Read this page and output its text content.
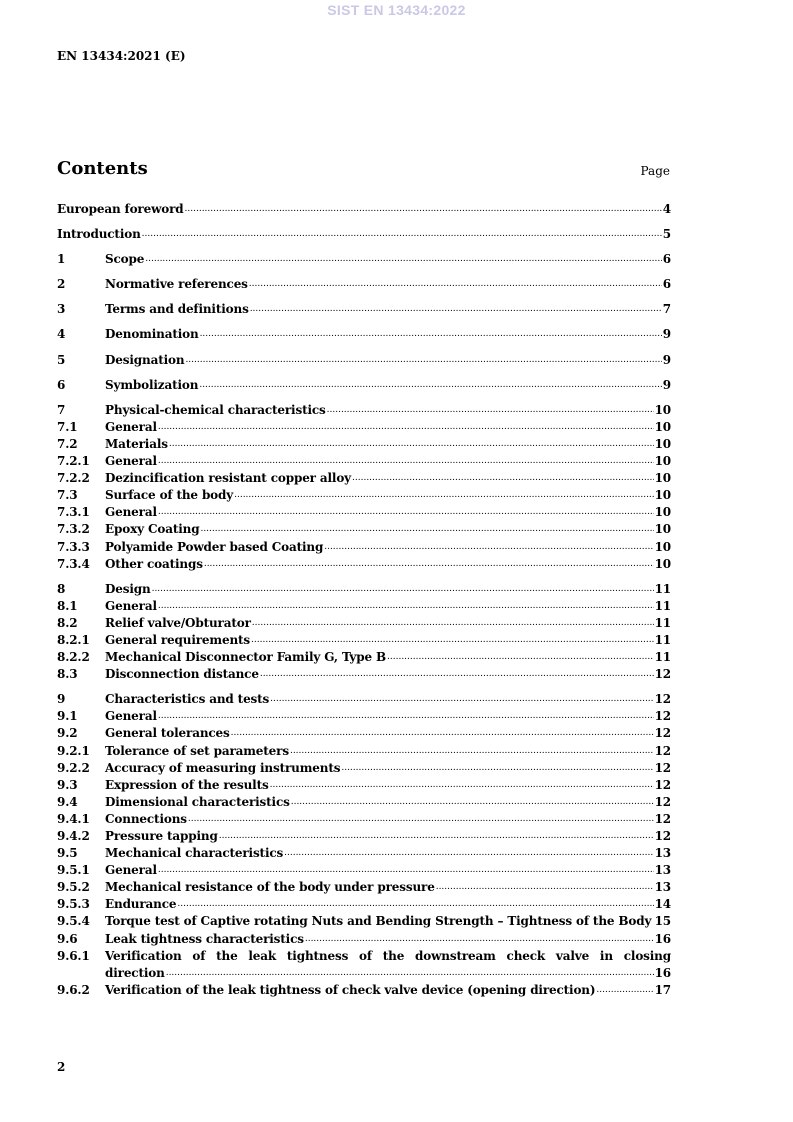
SIST EN 13434:2022
EN 13434:2021 (E)
Contents	Page
European foreword .....	4
Introduction .....	5
1	Scope .....	6
2	Normative references .....	6
3	Terms and definitions .....	7
4	Denomination .....	9
5	Designation .....	9
6	Symbolization .....	9
7	Physical-chemical characteristics .....	10
7.1	General .....	10
7.2	Materials .....	10
7.2.1	General .....	10
7.2.2	Dezincification resistant copper alloy .....	10
7.3	Surface of the body .....	10
7.3.1	General .....	10
7.3.2	Epoxy Coating .....	10
7.3.3	Polyamide Powder based Coating .....	10
7.3.4	Other coatings .....	10
8	Design .....	11
8.1	General .....	11
8.2	Relief valve/Obturator .....	11
8.2.1	General requirements .....	11
8.2.2	Mechanical Disconnector Family G, Type B .....	11
8.3	Disconnection distance .....	12
9	Characteristics and tests .....	12
9.1	General .....	12
9.2	General tolerances .....	12
9.2.1	Tolerance of set parameters .....	12
9.2.2	Accuracy of measuring instruments .....	12
9.3	Expression of the results .....	12
9.4	Dimensional characteristics .....	12
9.4.1	Connections .....	12
9.4.2	Pressure tapping .....	12
9.5	Mechanical characteristics .....	13
9.5.1	General .....	13
9.5.2	Mechanical resistance of the body under pressure .....	13
9.5.3	Endurance .....	14
9.5.4	Torque test of Captive rotating Nuts and Bending Strength – Tightness of the Body 15
9.6	Leak tightness characteristics .....	16
9.6.1	Verification of the leak tightness of the downstream check valve in closing
direction .....	16
9.6.2	Verification of the leak tightness of check valve device (opening direction) .....	17
2
